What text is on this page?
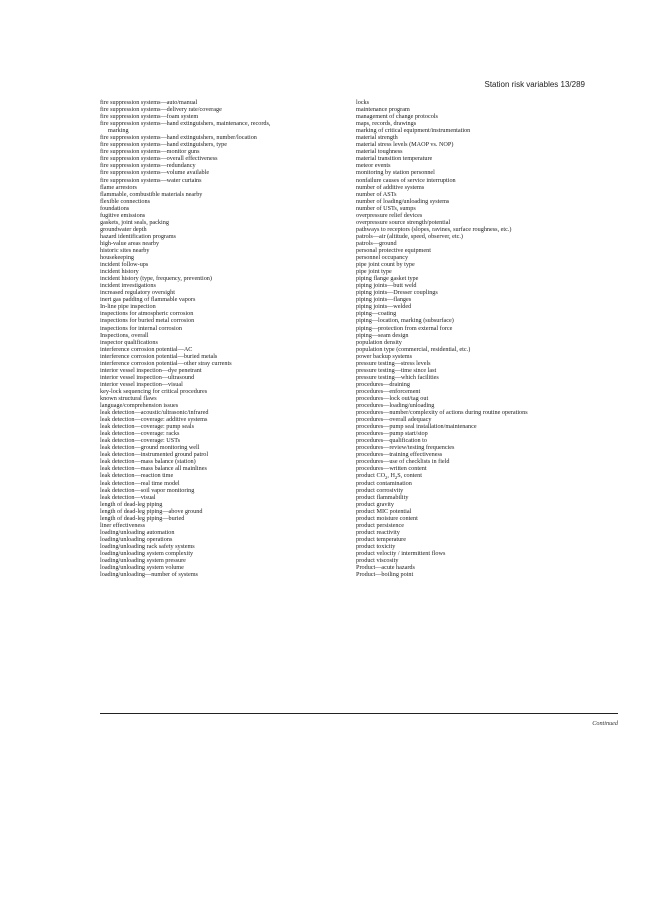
Station risk variables 13/289
fire suppression systems—auto/manual
fire suppression systems—delivery rate/coverage
fire suppression systems—foam system
fire suppression systems—hand extinguishers, maintenance, records,
marking
fire suppression systems—hand extinguishers, number/location
fire suppression systems—hand extinguishers, type
fire suppression systems—monitor guns
fire suppression systems—overall effectiveness
fire suppression systems—redundancy
fire suppression systems—volume available
fire suppression systems—water curtains
flame arrestors
flammable, combustible materials nearby
flexible connections
foundations
fugitive emissions
gaskets, joint seals, packing
groundwater depth
hazard identification programs
high-value areas nearby
historic sites nearby
housekeeping
incident follow-ups
incident history
incident history (type, frequency, prevention)
incident investigations
increased regulatory oversight
inert gas padding of flammable vapors
In-line pipe inspection
inspections for atmospheric corrosion
inspections for buried metal corrosion
inspections for internal corrosion
Inspections, overall
inspector qualifications
interference corrosion potential—AC
interference corrosion potential—buried metals
interference corrosion potential—other stray currents
interior vessel inspection—dye penetrant
interior vessel inspection—ultrasound
interior vessel inspection—visual
key-lock sequencing for critical procedures
known structural flaws
language/comprehension issues
leak detection—acoustic/ultrasonic/infrared
leak detection—coverage: additive systems
leak detection—coverage: pump seals
leak detection—coverage: racks
leak detection—coverage: USTs
leak detection—ground monitoring well
leak detection—instrumented ground patrol
leak detection—mass balance (station)
leak detection—mass balance all mainlines
leak detection—reaction time
leak detection—real time model
leak detection—soil vapor monitoring
leak detection—visual
length of dead-leg piping
length of dead-leg piping—above ground
length of dead-leg piping—buried
liner effectiveness
loading/unloading automation
loading/unloading operations
loading/unloading rack safety systems
loading/unloading system complexity
loading/unloading system pressure
loading/unloading system volume
loading/unloading—number of systems
locks
maintenance program
management of change protocols
maps, records, drawings
marking of critical equipment/instrumentation
material strength
material stress levels (MAOP vs. NOP)
material toughness
material transition temperature
meteor events
monitoring by station personnel
nonfailure causes of service interruption
number of additive systems
number of ASTs
number of loading/unloading systems
number of USTs, sumps
overpressure relief devices
overpressure source strength/potential
pathways to receptors (slopes, ravines, surface roughness, etc.)
patrols—air (altitude, speed, observer, etc.)
patrols—ground
personal protective equipment
personnel occupancy
pipe joint count by type
pipe joint type
piping flange gasket type
piping joints—butt weld
piping joints—Dresser couplings
piping joints—flanges
piping joints—welded
piping—coating
piping—location, marking (subsurface)
piping—protection from external force
piping—seam design
population density
population type (commercial, residential, etc.)
power backup systems
pressure testing—stress levels
pressure testing—time since last
pressure testing—which facilities
procedures—draining
procedures—enforcement
procedures—lock out/tag out
procedures—loading/unloading
procedures—number/complexity of actions during routine operations
procedures—overall adequacy
procedures—pump seal installation/maintenance
procedures—pump start/stop
procedures—qualification to
procedures—review/testing frequencies
procedures—training effectiveness
procedures—use of checklists in field
procedures—written content
product $CO_2$, $H_2S$, content
product contamination
product corrosivity
product flammability
product gravity
product MIC potential
product moisture content
product persistence
product reactivity
product temperature
product toxicity
product velocity / intermittent flows
product viscosity
Product—acute hazards
Product—boiling point
Continued
